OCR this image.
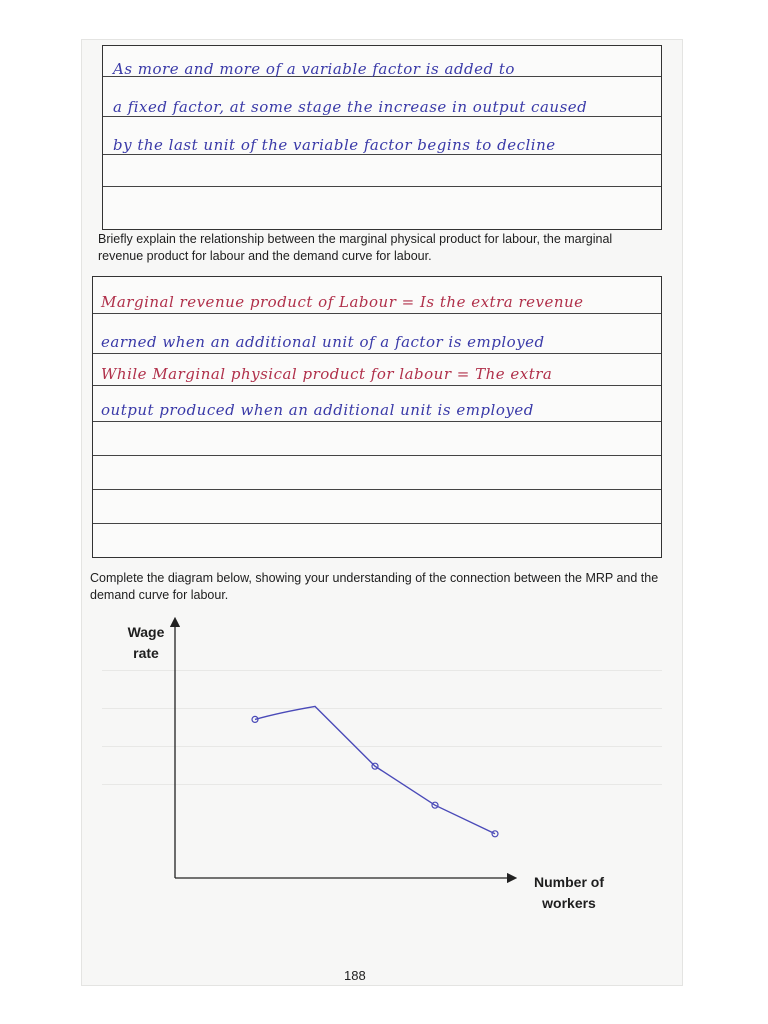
As more and more of a variable factor is added to
a fixed factor, at some stage the increase in output caused
by the last unit of the variable factor begins to decline
Briefly explain the relationship between the marginal physical product for labour, the marginal revenue product for labour and the demand curve for labour.
Marginal revenue product of Labour = Is the extra revenue
earned when an additional unit of a factor is employed
While Marginal physical product for labour = The extra
output produced when an additional unit is employed
Complete the diagram below, showing your understanding of the connection between the MRP and the demand curve for labour.
Wage
rate
Number of
workers
188
